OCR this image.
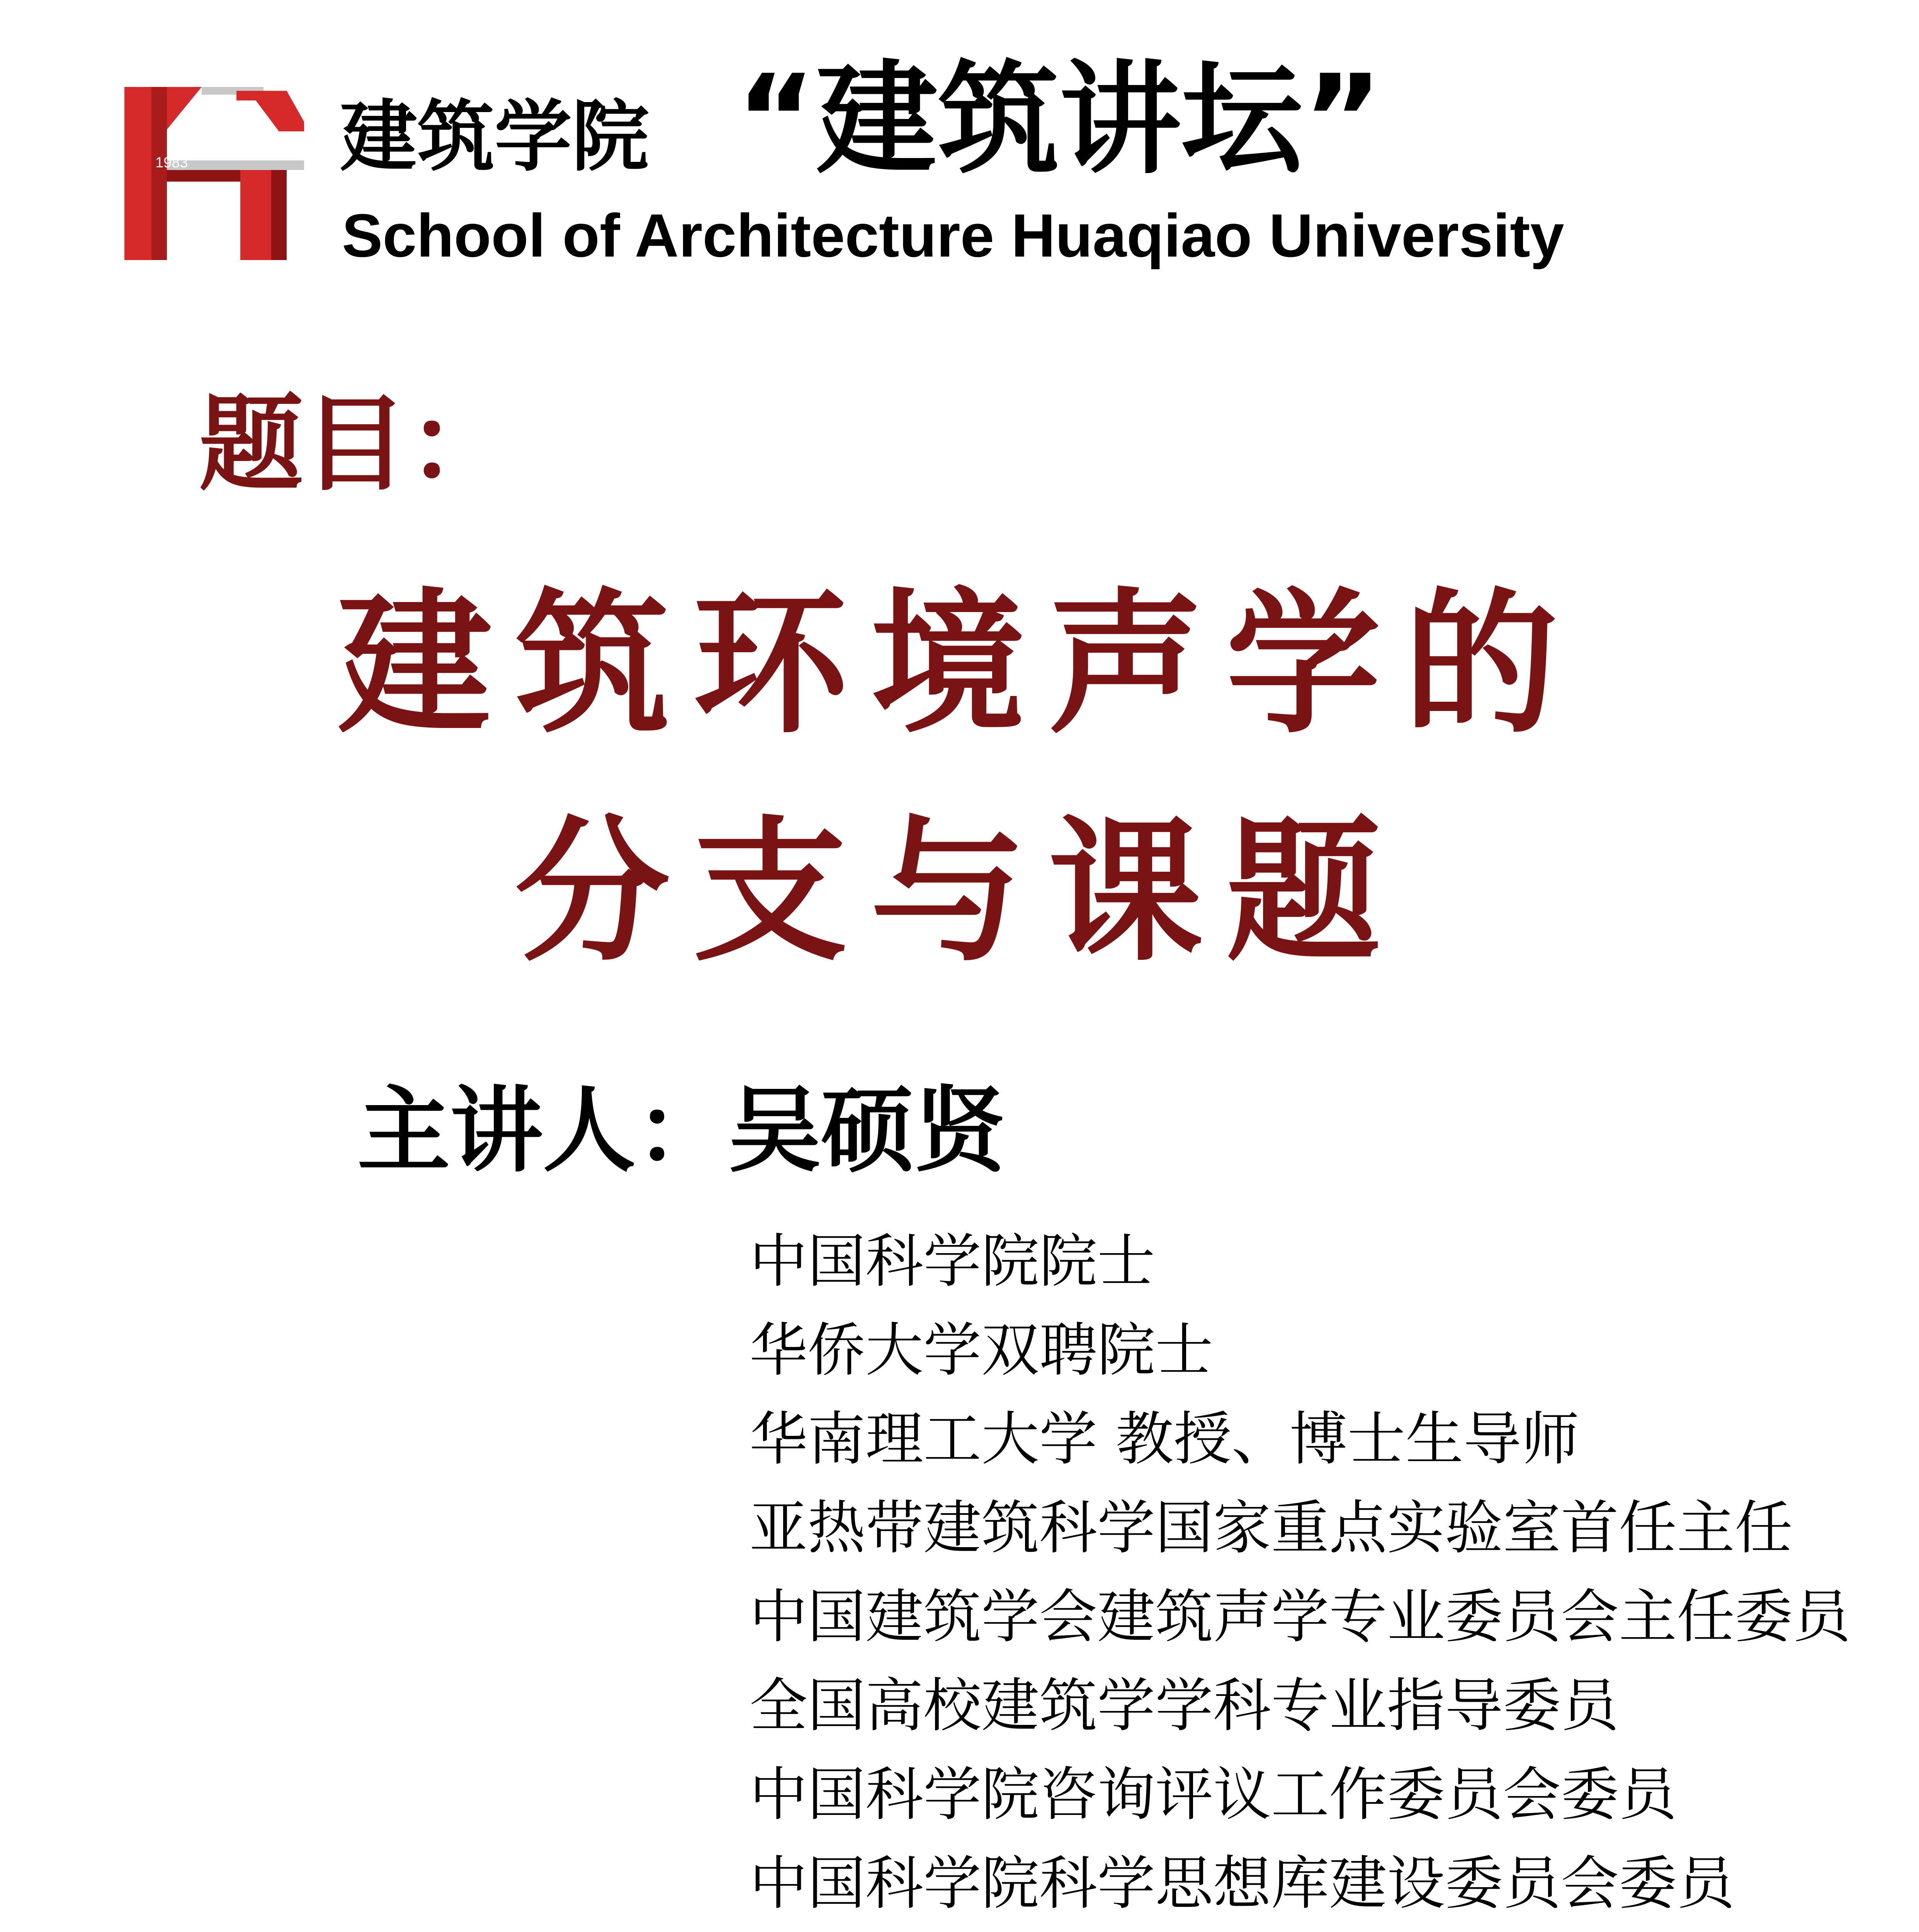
1983 建筑学院 “建筑讲坛”
School of Architecture Huaqiao University
题目：
建筑环境声学的
分支与课题
主讲人：吴硕贤
中国科学院院士
华侨大学双聘院士
华南理工大学 教授、博士生导师
亚热带建筑科学国家重点实验室首任主任
中国建筑学会建筑声学专业委员会主任委员
全国高校建筑学学科专业指导委员
中国科学院咨询评议工作委员会委员
中国科学院科学思想库建设委员会委员
